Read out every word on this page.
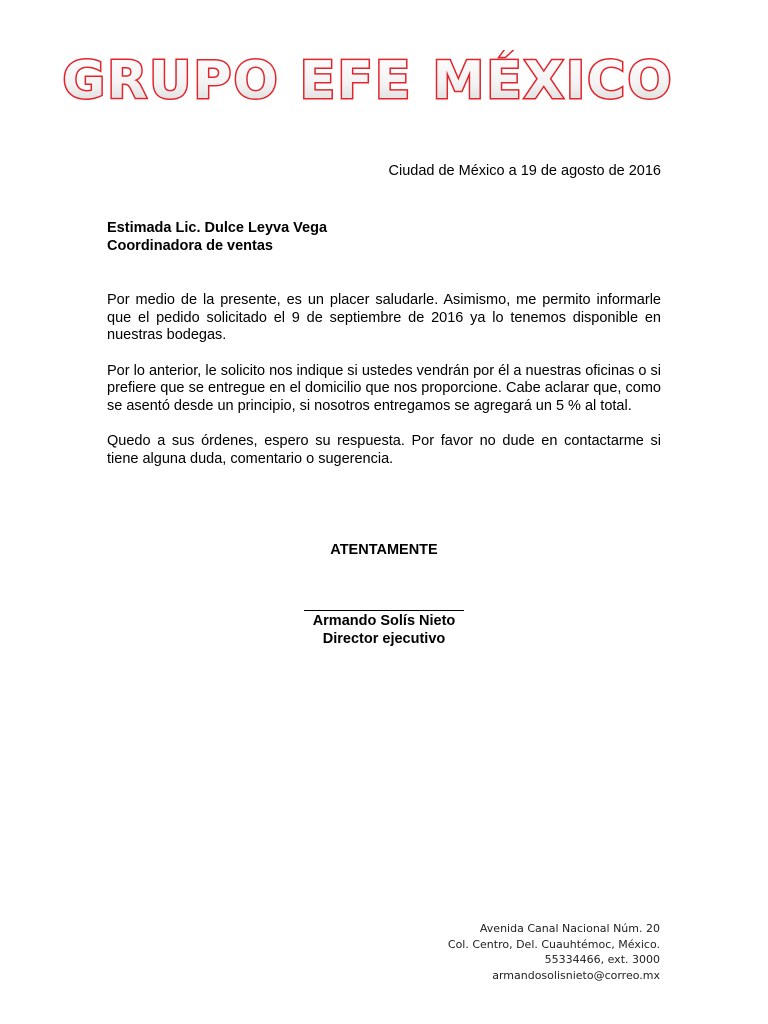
GRUPO EFE MÉXICO
Ciudad de México a 19 de agosto de 2016
Estimada Lic. Dulce Leyva Vega
Coordinadora de ventas

Por medio de la presente, es un placer saludarle. Asimismo, me permito informarle que el pedido solicitado el 9 de septiembre de 2016 ya lo tenemos disponible en nuestras bodegas.

Por lo anterior, le solicito nos indique si ustedes vendrán por él a nuestras oficinas o si prefiere que se entregue en el domicilio que nos proporcione. Cabe aclarar que, como se asentó desde un principio, si nosotros entregamos se agregará un 5 % al total.

Quedo a sus órdenes, espero su respuesta. Por favor no dude en contactarme si tiene alguna duda, comentario o sugerencia.

ATENTAMENTE
Armando Solís Nieto
Director ejecutivo
Avenida Canal Nacional Núm. 20
Col. Centro, Del. Cuauhtémoc, México.
55334466, ext. 3000
armandosolisnieto@correo.mx
